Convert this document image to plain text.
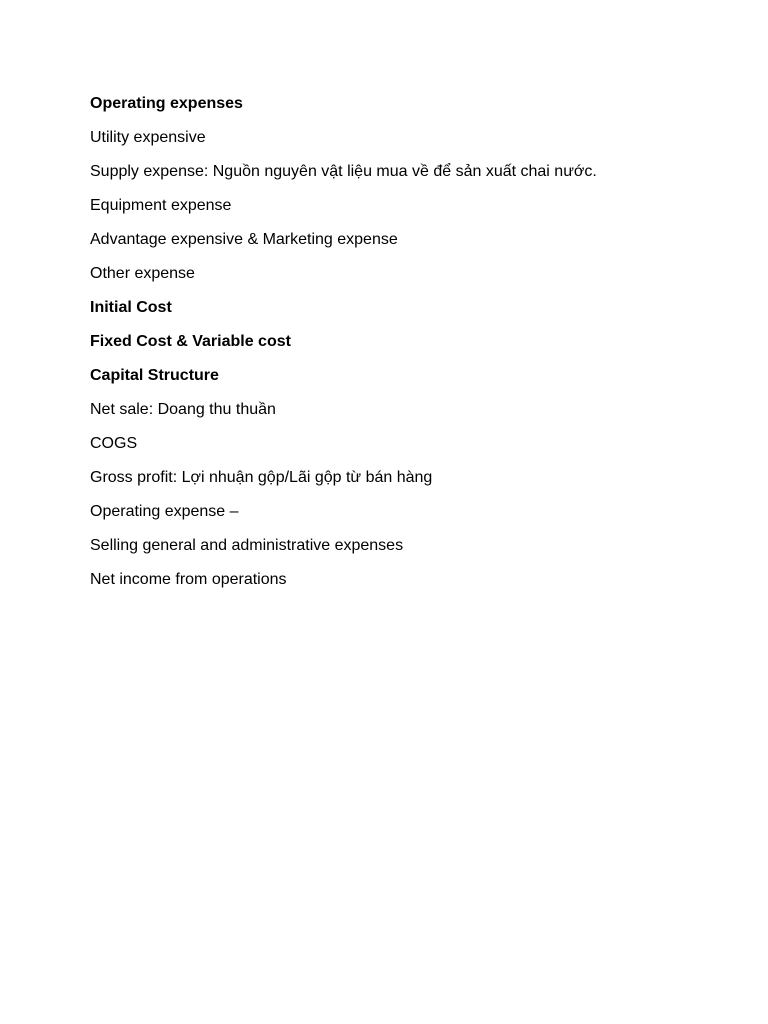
Operating expenses

Utility expensive

Supply expense: Nguồn nguyên vật liệu mua về để sản xuất chai nước.

Equipment expense

Advantage expensive & Marketing expense

Other expense

Initial Cost

Fixed Cost & Variable cost

Capital Structure

Net sale: Doang thu thuần

COGS

Gross profit: Lợi nhuận gộp/Lãi gộp từ bán hàng

Operating expense –

Selling general and administrative expenses

Net income from operations
